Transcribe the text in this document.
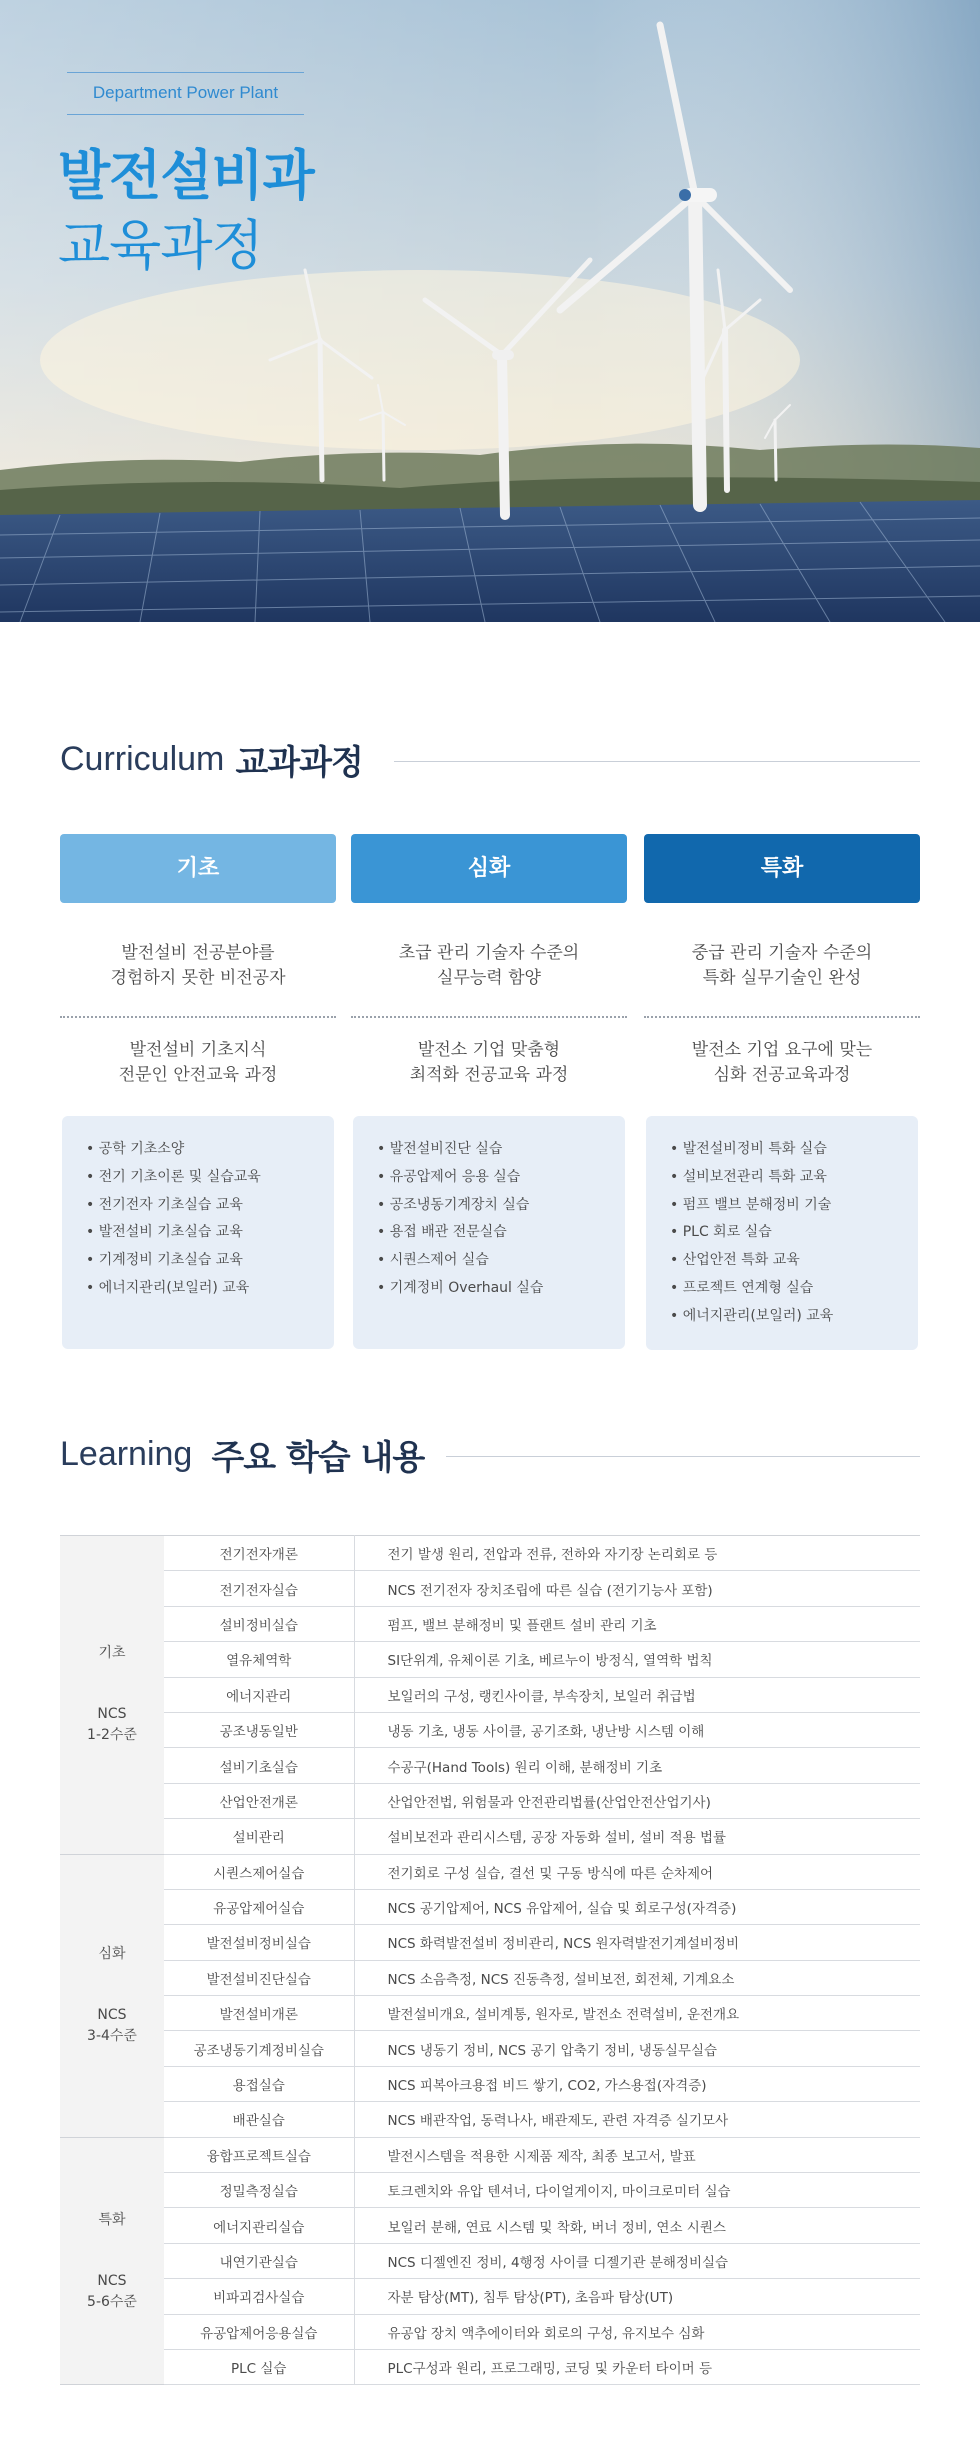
Department Power Plant
발전설비과
교육과정
Curriculum 교과과정
기초
발전설비 전공분야를
경험하지 못한 비전공자
발전설비 기초지식
전문인 안전교육 과정
• 공학 기초소양
• 전기 기초이론 및 실습교육
• 전기전자 기초실습 교육
• 발전설비 기초실습 교육
• 기계정비 기초실습 교육
• 에너지관리(보일러) 교육
심화
초급 관리 기술자 수준의
실무능력 함양
발전소 기업 맞춤형
최적화 전공교육 과정
• 발전설비진단 실습
• 유공압제어 응용 실습
• 공조냉동기계장치 실습
• 용접 배관 전문실습
• 시퀀스제어 실습
• 기계정비 Overhaul 실습
특화
중급 관리 기술자 수준의
특화 실무기술인 완성
발전소 기업 요구에 맞는
심화 전공교육과정
• 발전설비정비 특화 실습
• 설비보전관리 특화 교육
• 펌프 밸브 분해정비 기술
• PLC 회로 실습
• 산업안전 특화 교육
• 프로젝트 연계형 실습
• 에너지관리(보일러) 교육
Learning 주요 학습 내용
기초
NCS
1-2수준	전기전자개론	전기 발생 원리, 전압과 전류, 전하와 자기장 논리회로 등
	전기전자실습	NCS 전기전자 장치조립에 따른 실습 (전기기능사 포함)
	설비정비실습	펌프, 밸브 분해정비 및 플랜트 설비 관리 기초
	열유체역학	SI단위계, 유체이론 기초, 베르누이 방정식, 열역학 법칙
	에너지관리	보일러의 구성, 랭킨사이클, 부속장치, 보일러 취급법
	공조냉동일반	냉동 기초, 냉동 사이클, 공기조화, 냉난방 시스템 이해
	설비기초실습	수공구(Hand Tools) 원리 이해, 분해정비 기초
	산업안전개론	산업안전법, 위험물과 안전관리법률(산업안전산업기사)
	설비관리	설비보전과 관리시스템, 공장 자동화 설비, 설비 적용 법률

심화
NCS
3-4수준	시퀀스제어실습	전기회로 구성 실습, 결선 및 구동 방식에 따른 순차제어
	유공압제어실습	NCS 공기압제어, NCS 유압제어, 실습 및 회로구성(자격증)
	발전설비정비실습	NCS 화력발전설비 정비관리, NCS 원자력발전기계설비정비
	발전설비진단실습	NCS 소음측정, NCS 진동측정, 설비보전, 회전체, 기계요소
	발전설비개론	발전설비개요, 설비계통, 원자로, 발전소 전력설비, 운전개요
	공조냉동기계정비실습	NCS 냉동기 정비, NCS 공기 압축기 정비, 냉동실무실습
	용접실습	NCS 피복아크용접 비드 쌓기, CO2, 가스용접(자격증)
	배관실습	NCS 배관작업, 동력나사, 배관제도, 관련 자격증 실기모사

특화
NCS
5-6수준	융합프로젝트실습	발전시스템을 적용한 시제품 제작, 최종 보고서, 발표
	정밀측정실습	토크렌치와 유압 텐셔너, 다이얼게이지, 마이크로미터 실습
	에너지관리실습	보일러 분해, 연료 시스템 및 착화, 버너 정비, 연소 시퀀스
	내연기관실습	NCS 디젤엔진 정비, 4행정 사이클 디젤기관 분해정비실습
	비파괴검사실습	자분 탐상(MT), 침투 탐상(PT), 초음파 탐상(UT)
	유공압제어응용실습	유공압 장치 액추에이터와 회로의 구성, 유지보수 심화
	PLC 실습	PLC구성과 원리, 프로그래밍, 코딩 및 카운터 타이머 등
